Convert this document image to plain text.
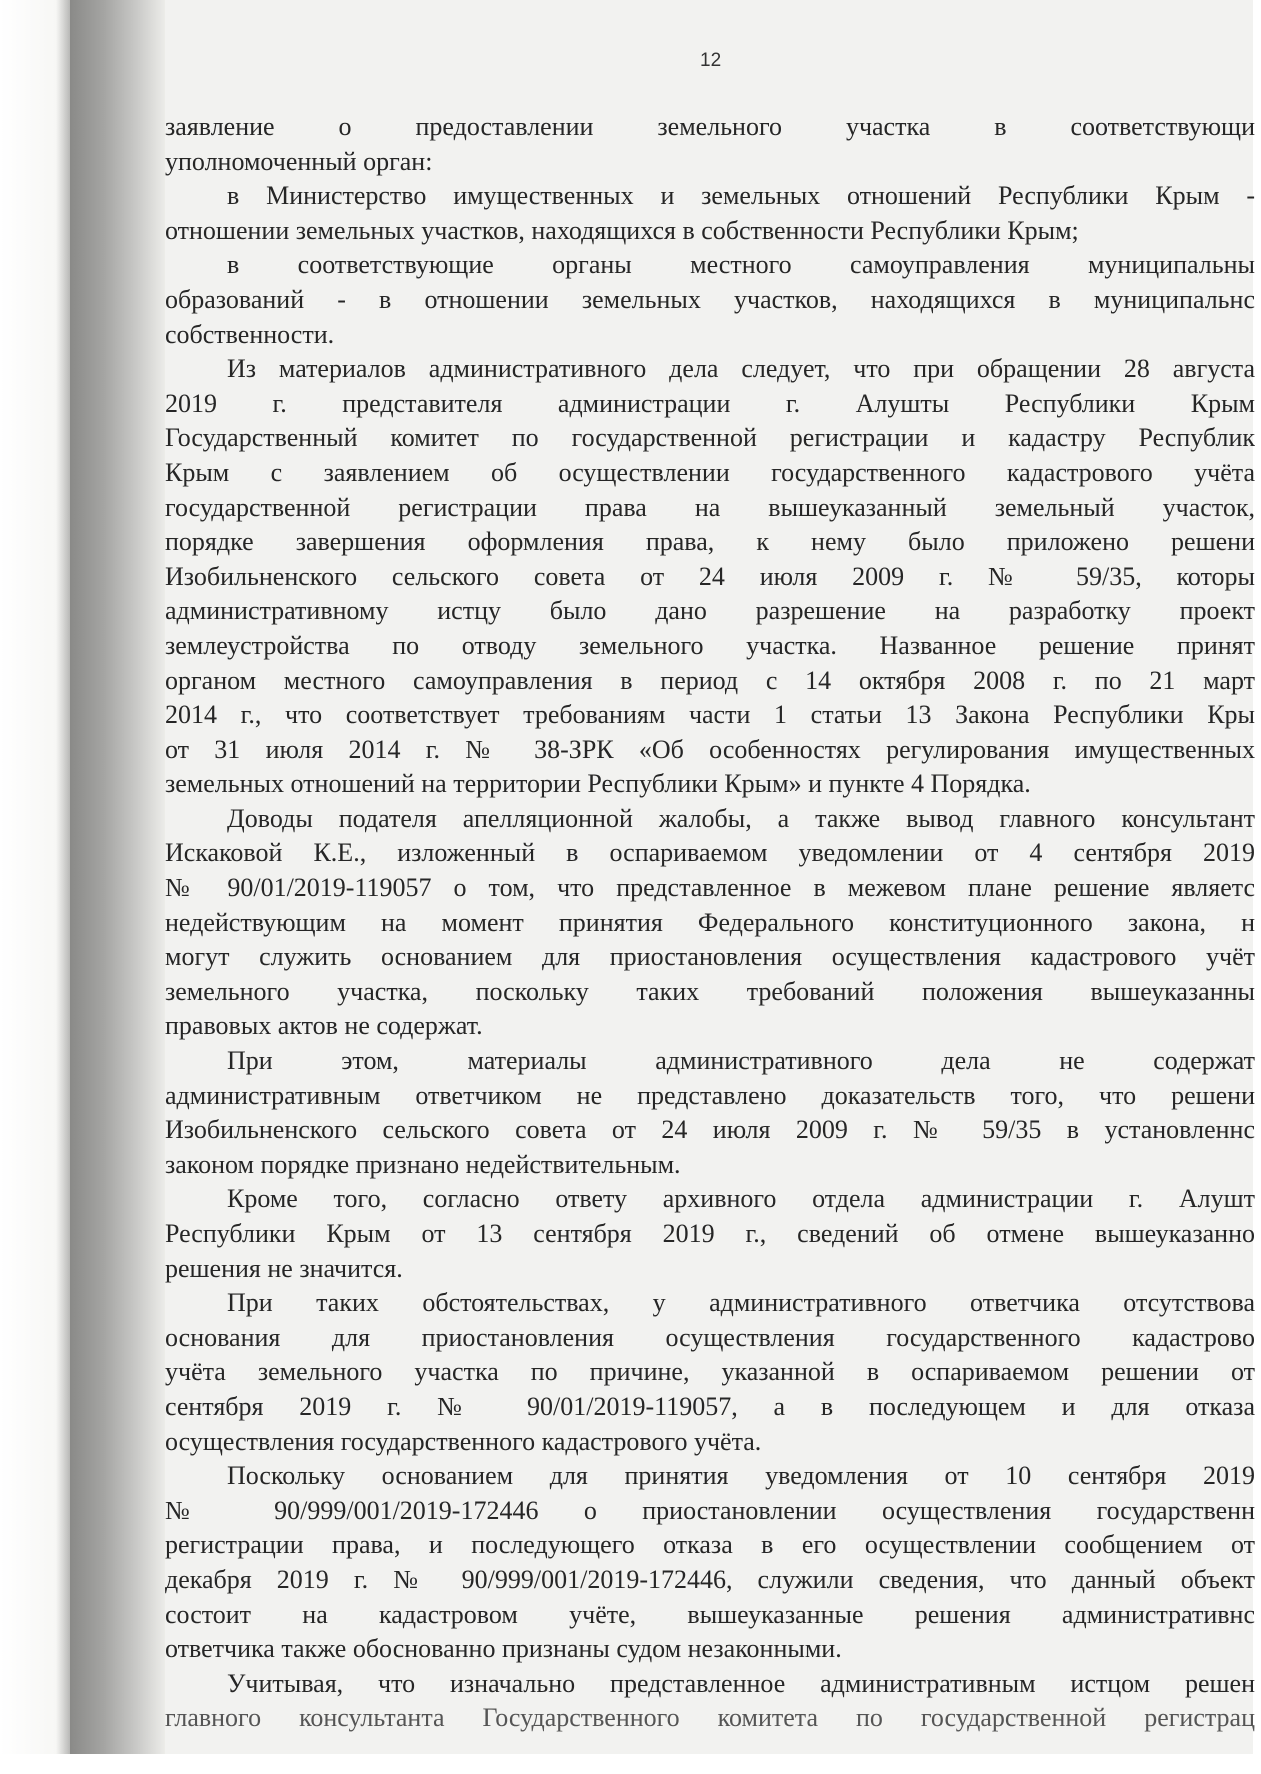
12
заявление о предоставлении земельного участка в соответствующи
уполномоченный орган:
в Министерство имущественных и земельных отношений Республики Крым -
отношении земельных участков, находящихся в собственности Республики Крым;
в соответствующие органы местного самоуправления муниципальны
образований - в отношении земельных участков, находящихся в муниципальнс
собственности.
Из материалов административного дела следует, что при обращении 28 августа
2019 г. представителя администрации г. Алушты Республики Крым
Государственный комитет по государственной регистрации и кадастру Республик
Крым с заявлением об осуществлении государственного кадастрового учёта
государственной регистрации права на вышеуказанный земельный участок,
порядке завершения оформления права, к нему было приложено решени
Изобильненского сельского совета от 24 июля 2009 г. № 59/35, которы
административному истцу было дано разрешение на разработку проект
землеустройства по отводу земельного участка. Названное решение принят
органом местного самоуправления в период с 14 октября 2008 г. по 21 март
2014 г., что соответствует требованиям части 1 статьи 13 Закона Республики Кры
от 31 июля 2014 г. № 38-ЗРК «Об особенностях регулирования имущественных
земельных отношений на территории Республики Крым» и пункте 4 Порядка.
Доводы подателя апелляционной жалобы, а также вывод главного консультант
Искаковой К.Е., изложенный в оспариваемом уведомлении от 4 сентября 2019
№ 90/01/2019-119057 о том, что представленное в межевом плане решение являетс
недействующим на момент принятия Федерального конституционного закона, н
могут служить основанием для приостановления осуществления кадастрового учёт
земельного участка, поскольку таких требований положения вышеуказанны
правовых актов не содержат.
При этом, материалы административного дела не содержат
административным ответчиком не представлено доказательств того, что решени
Изобильненского сельского совета от 24 июля 2009 г. № 59/35 в установленнс
законом порядке признано недействительным.
Кроме того, согласно ответу архивного отдела администрации г. Алушт
Республики Крым от 13 сентября 2019 г., сведений об отмене вышеуказанно
решения не значится.
При таких обстоятельствах, у административного ответчика отсутствова
основания для приостановления осуществления государственного кадастрово
учёта земельного участка по причине, указанной в оспариваемом решении от
сентября 2019 г. № 90/01/2019-119057, а в последующем и для отказа
осуществления государственного кадастрового учёта.
Поскольку основанием для принятия уведомления от 10 сентября 2019
№ 90/999/001/2019-172446 о приостановлении осуществления государственн
регистрации права, и последующего отказа в его осуществлении сообщением от
декабря 2019 г. № 90/999/001/2019-172446, служили сведения, что данный объект
состоит на кадастровом учёте, вышеуказанные решения административнс
ответчика также обоснованно признаны судом незаконными.
Учитывая, что изначально представленное административным истцом решен
главного консультанта Государственного комитета по государственной регистрац
